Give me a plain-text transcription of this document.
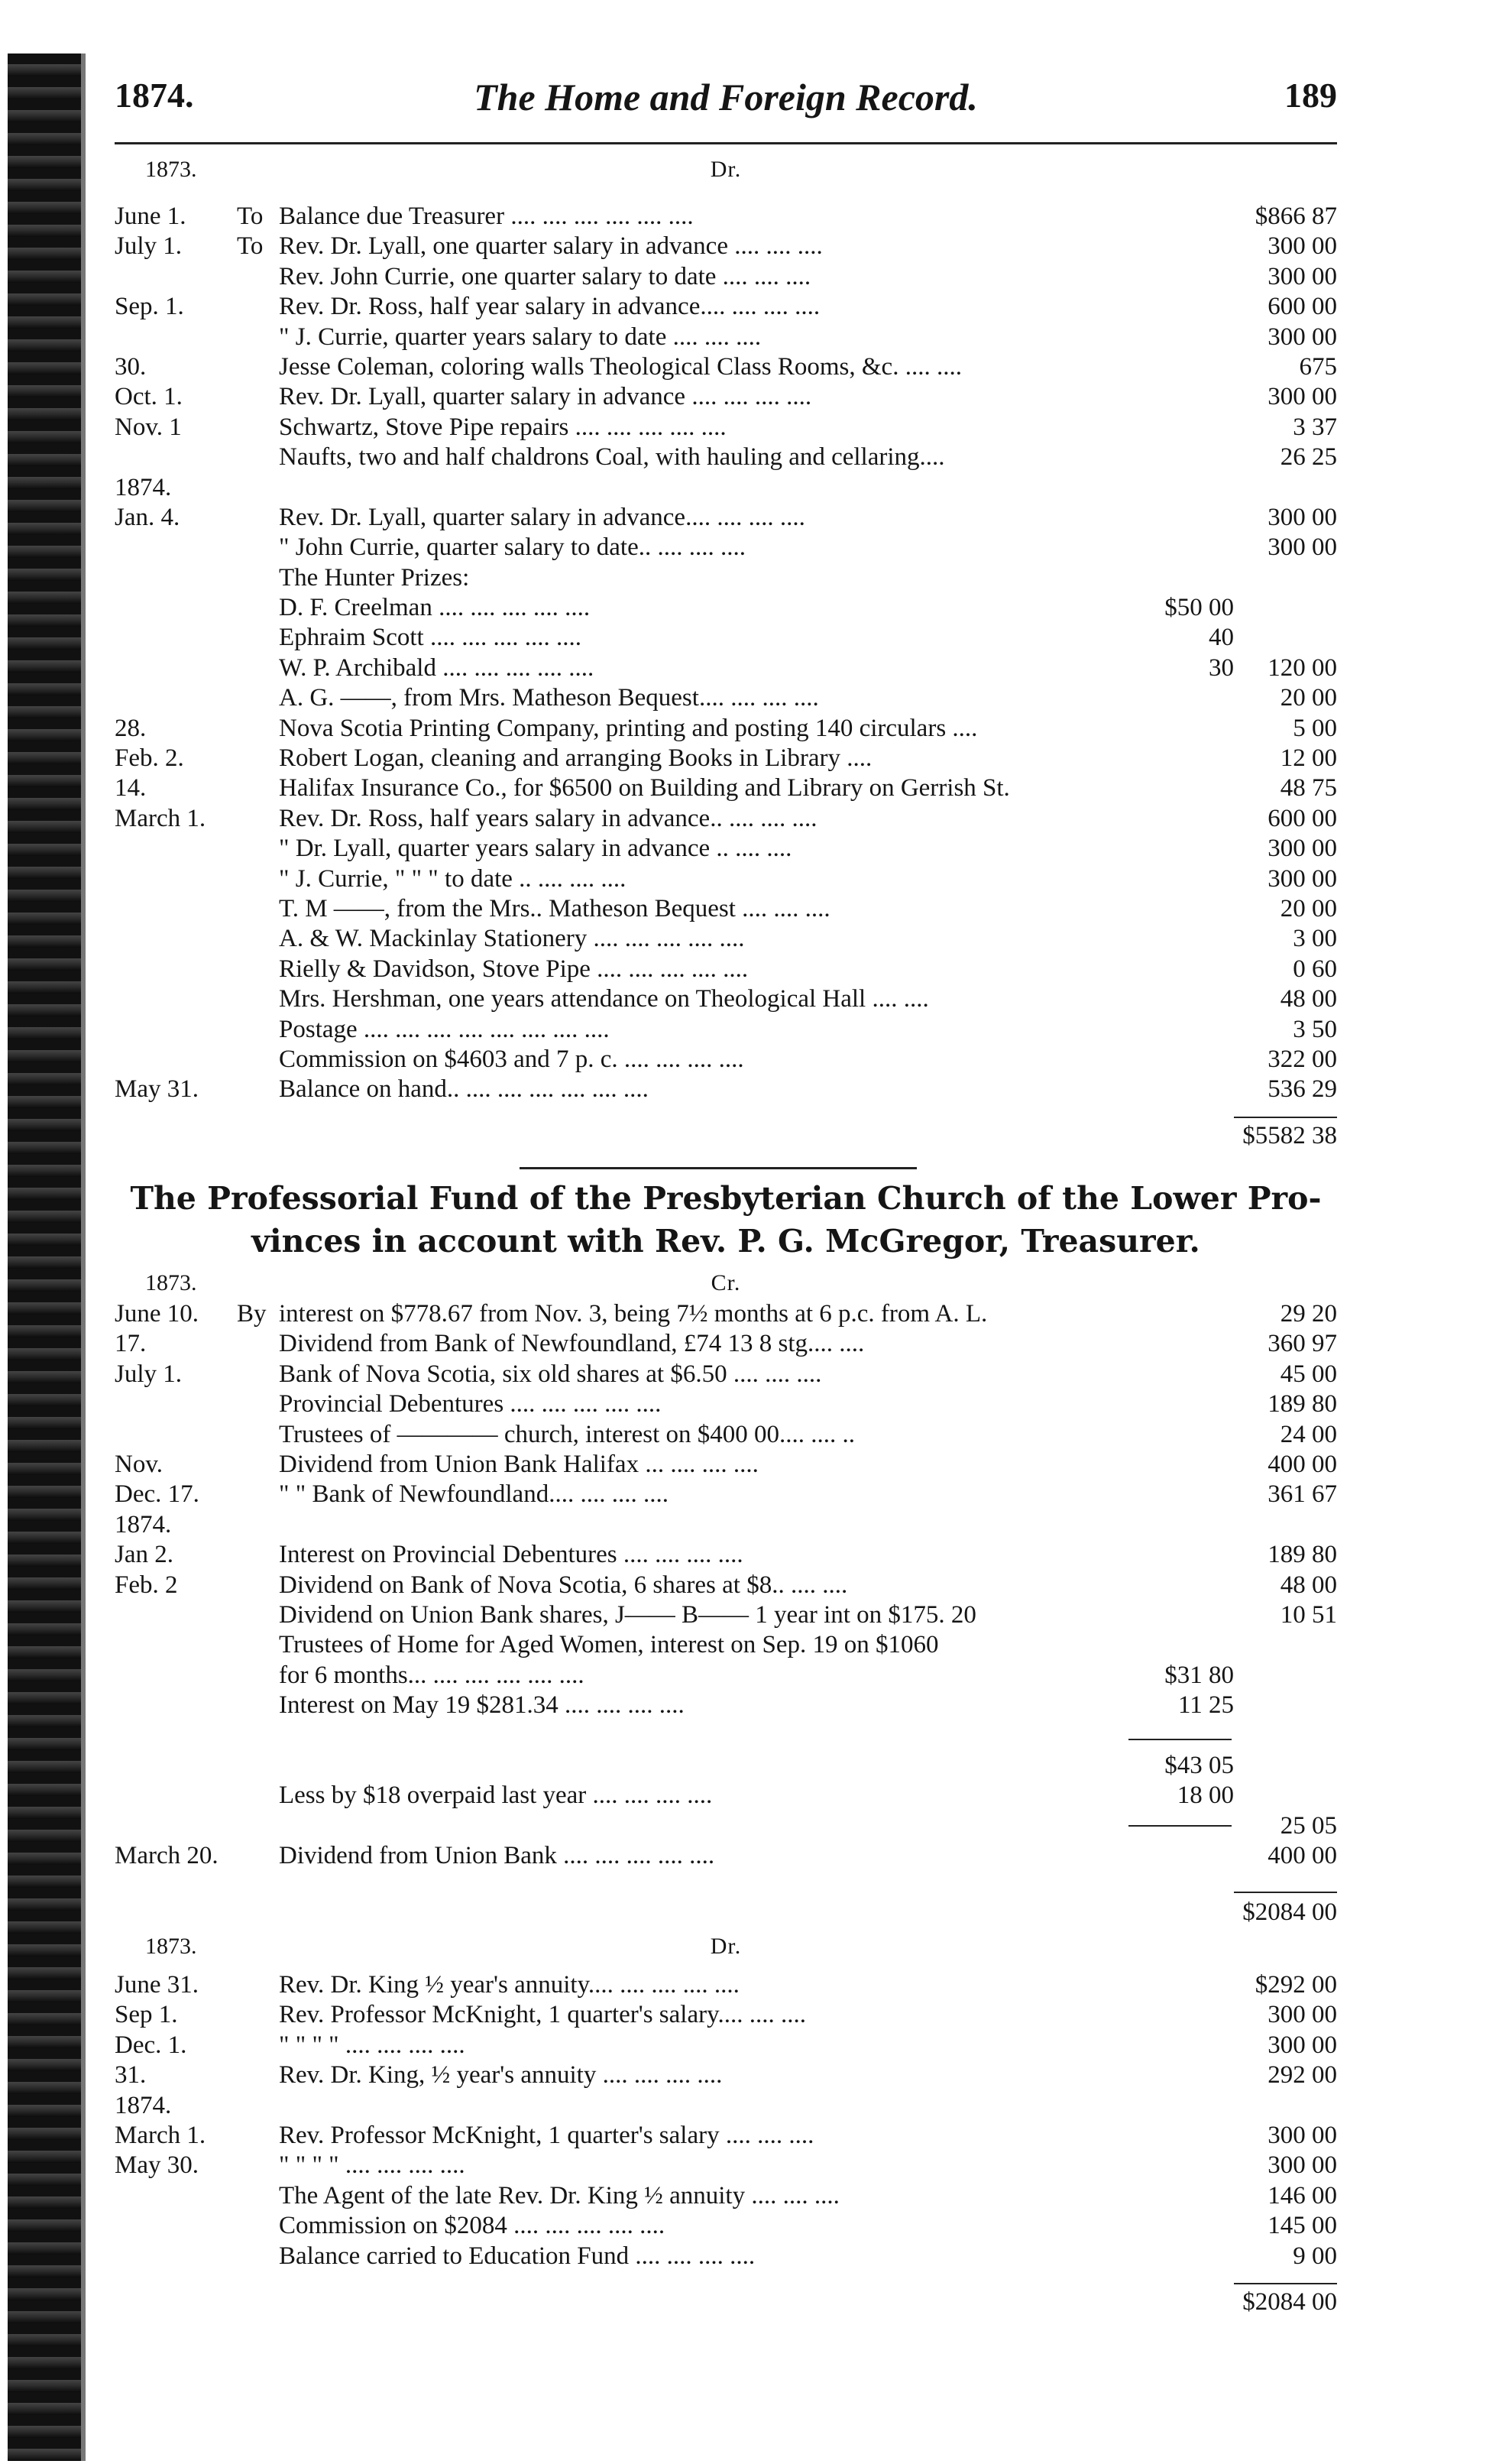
1874.	The Home and Foreign Record.	189
1873.	Dr.
June 1.	To Balance due Treasurer .... .... .... .... .... ....	$866 87
July 1.	To Rev. Dr. Lyall, one quarter salary in advance .... .... ....	300 00
Rev. John Currie, one quarter salary to date .... .... ....	300 00
Sep. 1.	Rev. Dr. Ross, half year salary in advance.... .... .... ....	600 00
" J. Currie, quarter years salary to date .... .... ....	300 00
30.	Jesse Coleman, coloring walls Theological Class Rooms, &c. .... ....	675
Oct. 1.	Rev. Dr. Lyall, quarter salary in advance .... .... .... ....	300 00
Nov. 1	Schwartz, Stove Pipe repairs .... .... .... .... ....	3 37
Naufts, two and half chaldrons Coal, with hauling and cellaring....	26 25
1874.
Jan. 4.	Rev. Dr. Lyall, quarter salary in advance.... .... .... ....	300 00
" John Currie, quarter salary to date.. .... .... ....	300 00
The Hunter Prizes:
D. F. Creelman .... .... .... .... ....	$50 00
Ephraim Scott .... .... .... .... ....	40
W. P. Archibald .... .... .... .... ....	30	120 00
A. G. ——, from Mrs. Matheson Bequest.... .... .... ....	20 00
28.	Nova Scotia Printing Company, printing and posting 140 circulars ....	5 00
Feb. 2.	Robert Logan, cleaning and arranging Books in Library ....	12 00
14.	Halifax Insurance Co., for $6500 on Building and Library on Gerrish St.	48 75
March 1.	Rev. Dr. Ross, half years salary in advance.. .... .... ....	600 00
" Dr. Lyall, quarter years salary in advance .. .... ....	300 00
" J. Currie, " " " to date .. .... .... ....	300 00
T. M ——, from the Mrs.. Matheson Bequest .... .... ....	20 00
A. & W. Mackinlay Stationery .... .... .... .... ....	3 00
Rielly & Davidson, Stove Pipe .... .... .... .... ....	0 60
Mrs. Hershman, one years attendance on Theological Hall .... ....	48 00
Postage .... .... .... .... .... .... .... ....	3 50
Commission on $4603 and 7 p. c. .... .... .... ....	322 00
May 31.	Balance on hand.. .... .... .... .... .... ....	536 29
$5582 38
The Professorial Fund of the Presbyterian Church of the Lower Pro-
vinces in account with Rev. P. G. McGregor, Treasurer.
1873.	Cr.
June 10.	By interest on $778.67 from Nov. 3, being 7½ months at 6 p.c. from A. L.	29 20
17.	Dividend from Bank of Newfoundland, £74 13 8 stg.... ....	360 97
July 1.	Bank of Nova Scotia, six old shares at $6.50 .... .... ....	45 00
Provincial Debentures .... .... .... .... ....	189 80
Trustees of ———— church, interest on $400 00.... .... ..	24 00
Nov.	Dividend from Union Bank Halifax ... .... .... ....	400 00
Dec. 17.	" " Bank of Newfoundland.... .... .... ....	361 67
1874.
Jan 2.	Interest on Provincial Debentures .... .... .... ....	189 80
Feb. 2	Dividend on Bank of Nova Scotia, 6 shares at $8.. .... ....	48 00
Dividend on Union Bank shares, J—— B—— 1 year int on $175. 20	10 51
Trustees of Home for Aged Women, interest on Sep. 19 on $1060
for 6 months... .... .... .... .... ....	$31 80
Interest on May 19 $281.34 .... .... .... ....	11 25
$43 05
Less by $18 overpaid last year .... .... .... ....	18 00
25 05
March 20.	Dividend from Union Bank .... .... .... .... ....	400 00
$2084 00
1873.	Dr.
June 31.	Rev. Dr. King ½ year's annuity.... .... .... .... ....	$292 00
Sep 1.	Rev. Professor McKnight, 1 quarter's salary.... .... ....	300 00
Dec. 1.	" " " " .... .... .... ....	300 00
31.	Rev. Dr. King, ½ year's annuity .... .... .... ....	292 00
1874.
March 1.	Rev. Professor McKnight, 1 quarter's salary .... .... ....	300 00
May 30.	" " " " .... .... .... ....	300 00
The Agent of the late Rev. Dr. King ½ annuity .... .... ....	146 00
Commission on $2084 .... .... .... .... ....	145 00
Balance carried to Education Fund .... .... .... ....	9 00
$2084 00
